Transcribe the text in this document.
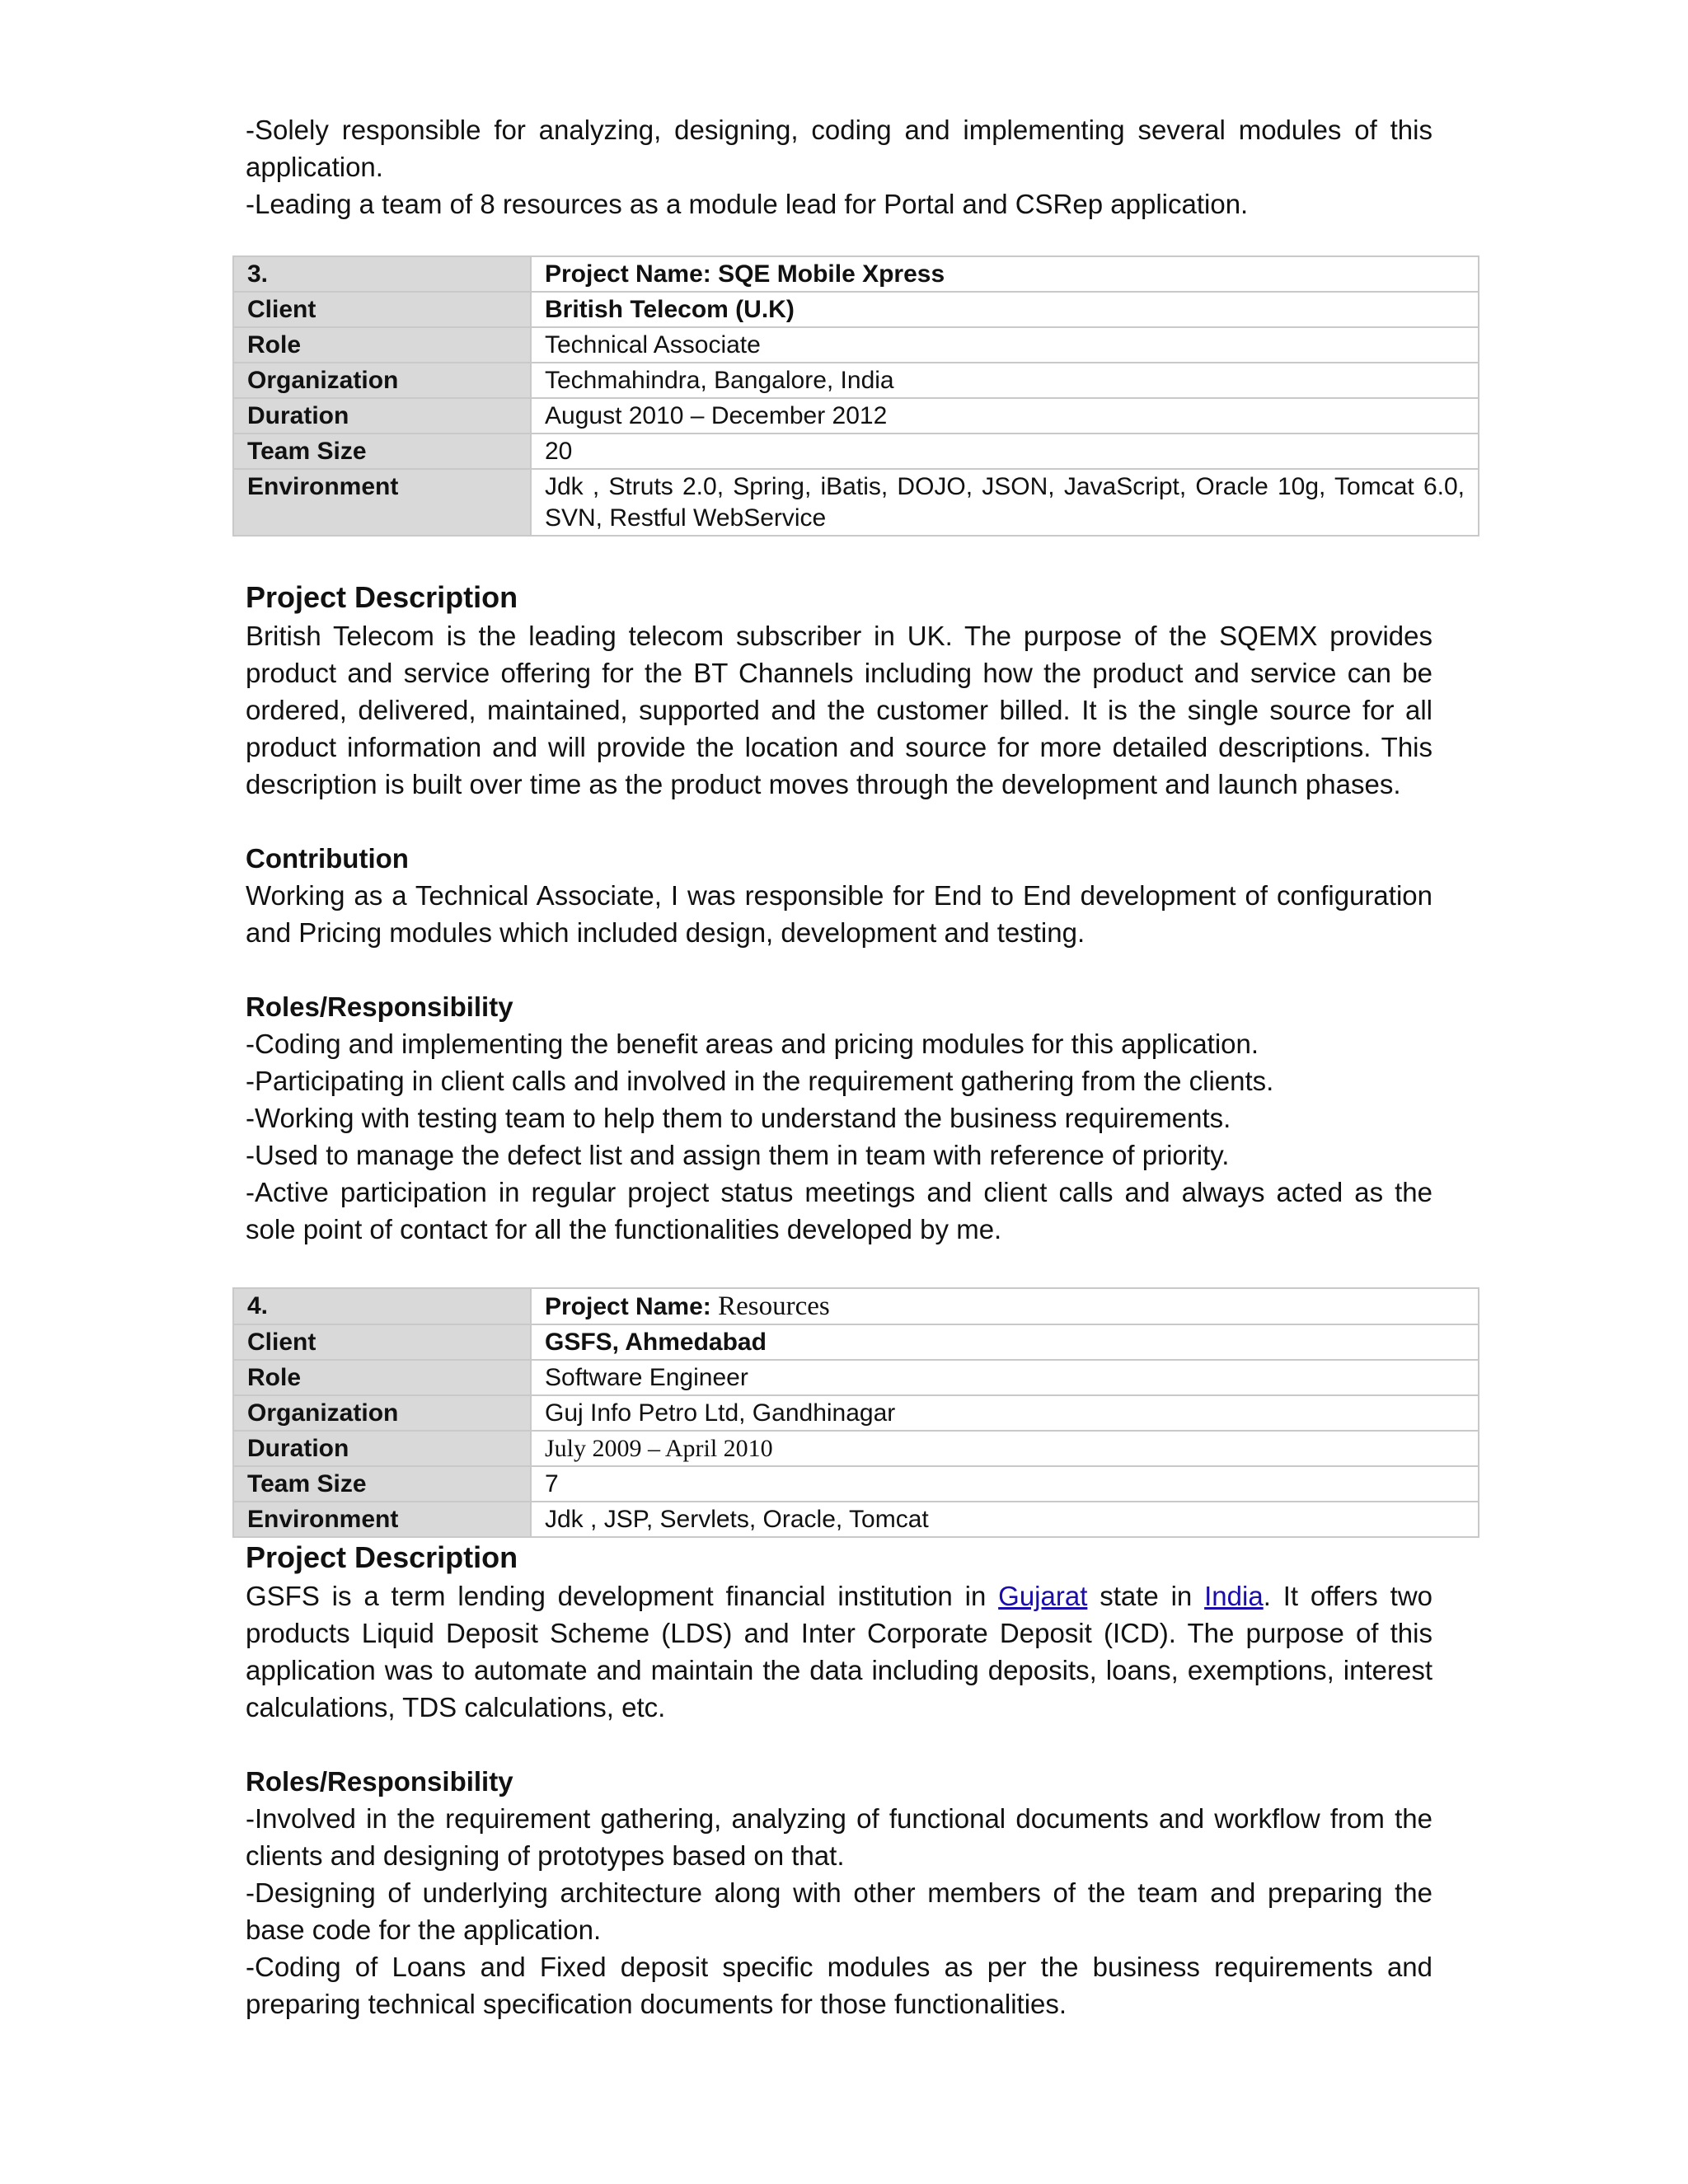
-Solely responsible for analyzing, designing, coding and implementing several modules of this application.

-Leading a team of 8 resources as a module lead for Portal and CSRep application.

3.	Project Name: SQE Mobile Xpress
Client	British Telecom (U.K)
Role	Technical Associate
Organization	Techmahindra, Bangalore, India
Duration	August 2010 – December 2012
Team Size	20
Environment	Jdk , Struts 2.0, Spring, iBatis, DOJO, JSON, JavaScript, Oracle 10g, Tomcat 6.0, SVN, Restful WebService

Project Description

British Telecom is the leading telecom subscriber in UK. The purpose of the SQEMX provides product and service offering for the BT Channels including how the product and service can be ordered, delivered, maintained, supported and the customer billed. It is the single source for all product information and will provide the location and source for more detailed descriptions. This description is built over time as the product moves through the development and launch phases.

Contribution

Working as a Technical Associate, I was responsible for End to End development of configuration and Pricing modules which included design, development and testing.

Roles/Responsibility

-Coding and implementing the benefit areas and pricing modules for this application.

-Participating in client calls and involved in the requirement gathering from the clients.

-Working with testing team to help them to understand the business requirements.

-Used to manage the defect list and assign them in team with reference of priority.

-Active participation in regular project status meetings and client calls and always acted as the sole point of contact for all the functionalities developed by me.

4.	Project Name: Resources
Client	GSFS, Ahmedabad
Role	Software Engineer
Organization	Guj Info Petro Ltd, Gandhinagar
Duration	July 2009 – April 2010
Team Size	7
Environment	Jdk , JSP, Servlets, Oracle, Tomcat

Project Description

GSFS is a term lending development financial institution in Gujarat state in India. It offers two products Liquid Deposit Scheme (LDS) and Inter Corporate Deposit (ICD). The purpose of this application was to automate and maintain the data including deposits, loans, exemptions, interest calculations, TDS calculations, etc.

Roles/Responsibility

-Involved in the requirement gathering, analyzing of functional documents and workflow from the clients and designing of prototypes based on that.

-Designing of underlying architecture along with other members of the team and preparing the base code for the application.

-Coding of Loans and Fixed deposit specific modules as per the business requirements and preparing technical specification documents for those functionalities.
